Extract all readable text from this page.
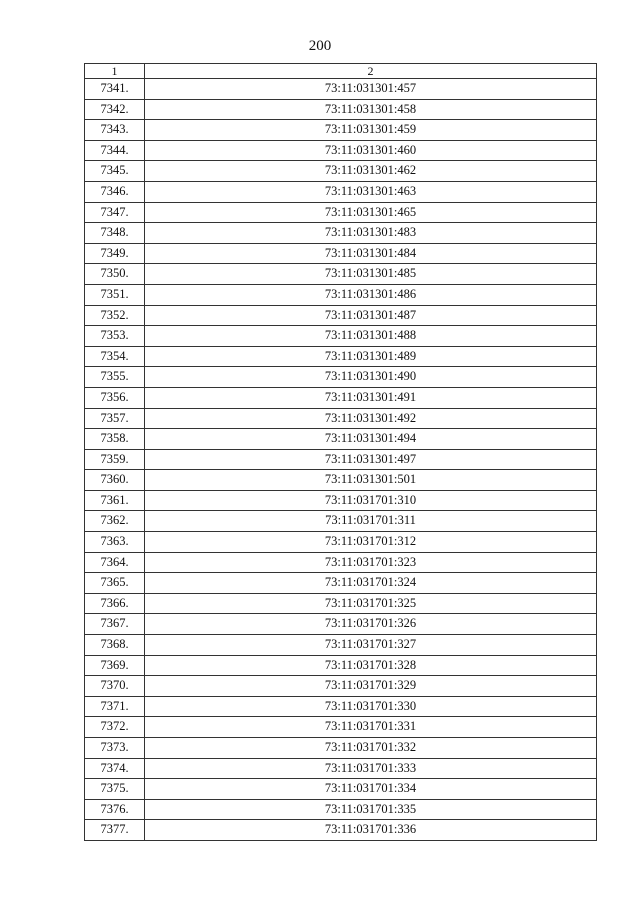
200
1	2
7341.	73:11:031301:457
7342.	73:11:031301:458
7343.	73:11:031301:459
7344.	73:11:031301:460
7345.	73:11:031301:462
7346.	73:11:031301:463
7347.	73:11:031301:465
7348.	73:11:031301:483
7349.	73:11:031301:484
7350.	73:11:031301:485
7351.	73:11:031301:486
7352.	73:11:031301:487
7353.	73:11:031301:488
7354.	73:11:031301:489
7355.	73:11:031301:490
7356.	73:11:031301:491
7357.	73:11:031301:492
7358.	73:11:031301:494
7359.	73:11:031301:497
7360.	73:11:031301:501
7361.	73:11:031701:310
7362.	73:11:031701:311
7363.	73:11:031701:312
7364.	73:11:031701:323
7365.	73:11:031701:324
7366.	73:11:031701:325
7367.	73:11:031701:326
7368.	73:11:031701:327
7369.	73:11:031701:328
7370.	73:11:031701:329
7371.	73:11:031701:330
7372.	73:11:031701:331
7373.	73:11:031701:332
7374.	73:11:031701:333
7375.	73:11:031701:334
7376.	73:11:031701:335
7377.	73:11:031701:336
